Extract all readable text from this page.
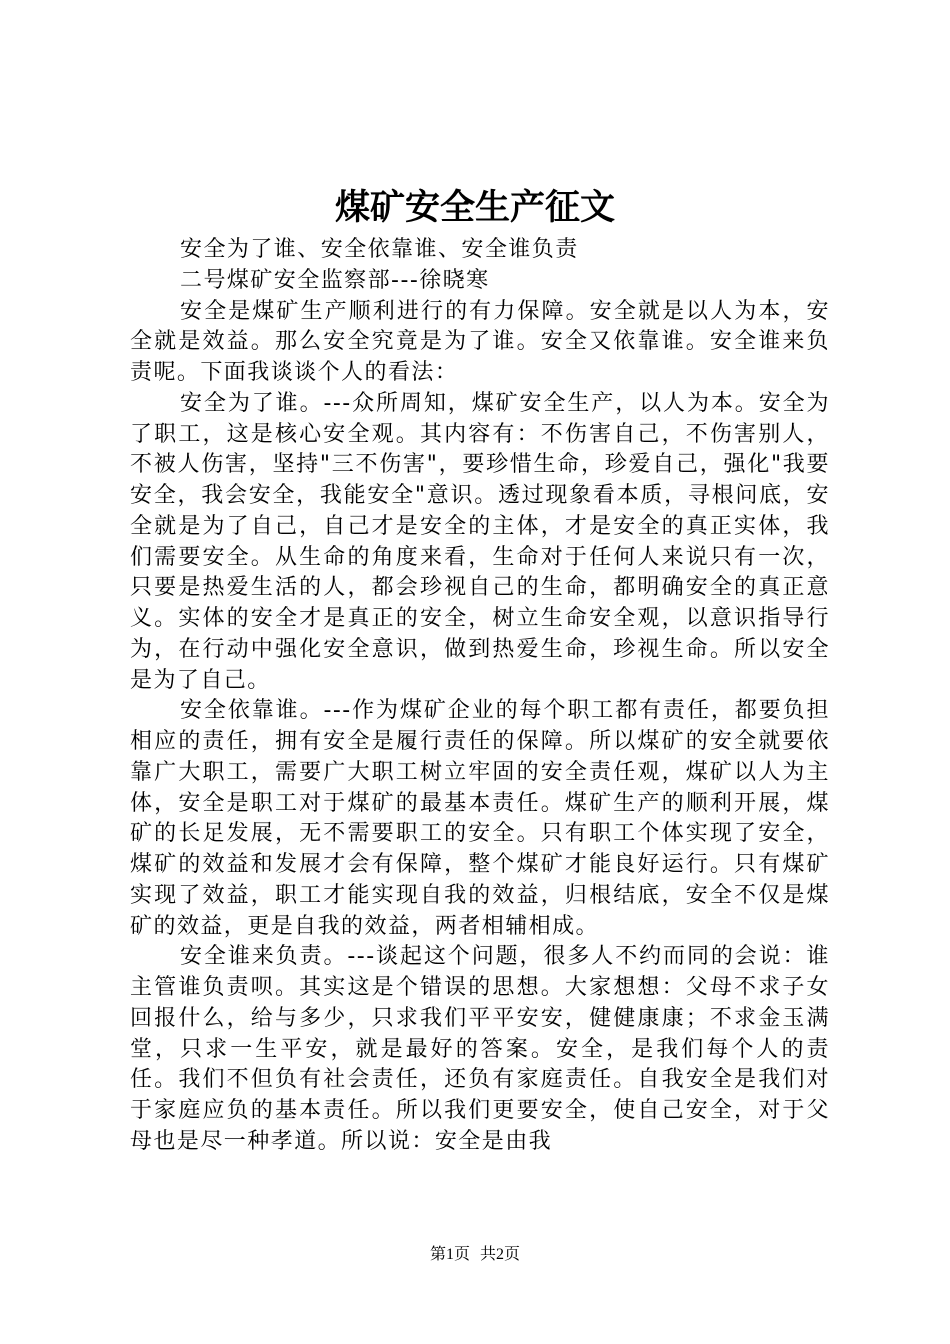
煤矿安全生产征文

安全为了谁、安全依靠谁、安全谁负责

二号煤矿安全监察部---徐晓寒

安全是煤矿生产顺利进行的有力保障。安全就是以人为本，安全就是效益。那么安全究竟是为了谁。安全又依靠谁。安全谁来负责呢。下面我谈谈个人的看法：

安全为了谁。---众所周知，煤矿安全生产，以人为本。安全为了职工，这是核心安全观。其内容有：不伤害自己，不伤害别人，不被人伤害，坚持"三不伤害"，要珍惜生命，珍爱自己，强化"我要安全，我会安全，我能安全"意识。透过现象看本质，寻根问底，安全就是为了自己，自己才是安全的主体，才是安全的真正实体，我们需要安全。从生命的角度来看，生命对于任何人来说只有一次，只要是热爱生活的人，都会珍视自己的生命，都明确安全的真正意义。实体的安全才是真正的安全，树立生命安全观，以意识指导行为，在行动中强化安全意识，做到热爱生命，珍视生命。所以安全是为了自己。

安全依靠谁。---作为煤矿企业的每个职工都有责任，都要负担相应的责任，拥有安全是履行责任的保障。所以煤矿的安全就要依靠广大职工，需要广大职工树立牢固的安全责任观，煤矿以人为主体，安全是职工对于煤矿的最基本责任。煤矿生产的顺利开展，煤矿的长足发展，无不需要职工的安全。只有职工个体实现了安全，煤矿的效益和发展才会有保障，整个煤矿才能良好运行。只有煤矿实现了效益，职工才能实现自我的效益，归根结底，安全不仅是煤矿的效益，更是自我的效益，两者相辅相成。

安全谁来负责。---谈起这个问题，很多人不约而同的会说：谁主管谁负责呗。其实这是个错误的思想。大家想想：父母不求子女回报什么，给与多少，只求我们平平安安，健健康康；不求金玉满堂，只求一生平安，就是最好的答案。安全，是我们每个人的责任。我们不但负有社会责任，还负有家庭责任。自我安全是我们对于家庭应负的基本责任。所以我们更要安全，使自己安全，对于父母也是尽一种孝道。所以说：安全是由我

第1页 共2页
